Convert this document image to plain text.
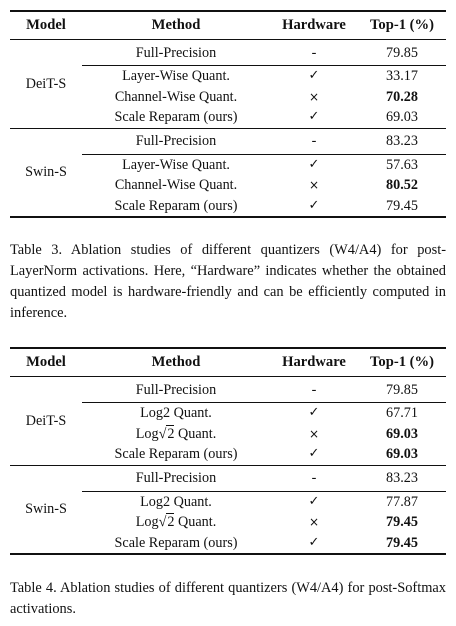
Model	Method	Hardware	Top-1 (%)
DeiT-S	Full-Precision	-	79.85
	Layer-Wise Quant.	✓	33.17
	Channel-Wise Quant.	×	70.28
	Scale Reparam (ours)	✓	69.03
Swin-S	Full-Precision	-	83.23
	Layer-Wise Quant.	✓	57.63
	Channel-Wise Quant.	×	80.52
	Scale Reparam (ours)	✓	79.45
Table 3. Ablation studies of different quantizers (W4/A4) for post-LayerNorm activations. Here, “Hardware” indicates whether the obtained quantized model is hardware-friendly and can be efficiently computed in inference.
Model	Method	Hardware	Top-1 (%)
DeiT-S	Full-Precision	-	79.85
	Log2 Quant.	✓	67.71
	Log√2 Quant.	×	69.03
	Scale Reparam (ours)	✓	69.03
Swin-S	Full-Precision	-	83.23
	Log2 Quant.	✓	77.87
	Log√2 Quant.	×	79.45
	Scale Reparam (ours)	✓	79.45
Table 4. Ablation studies of different quantizers (W4/A4) for post-Softmax activations.
